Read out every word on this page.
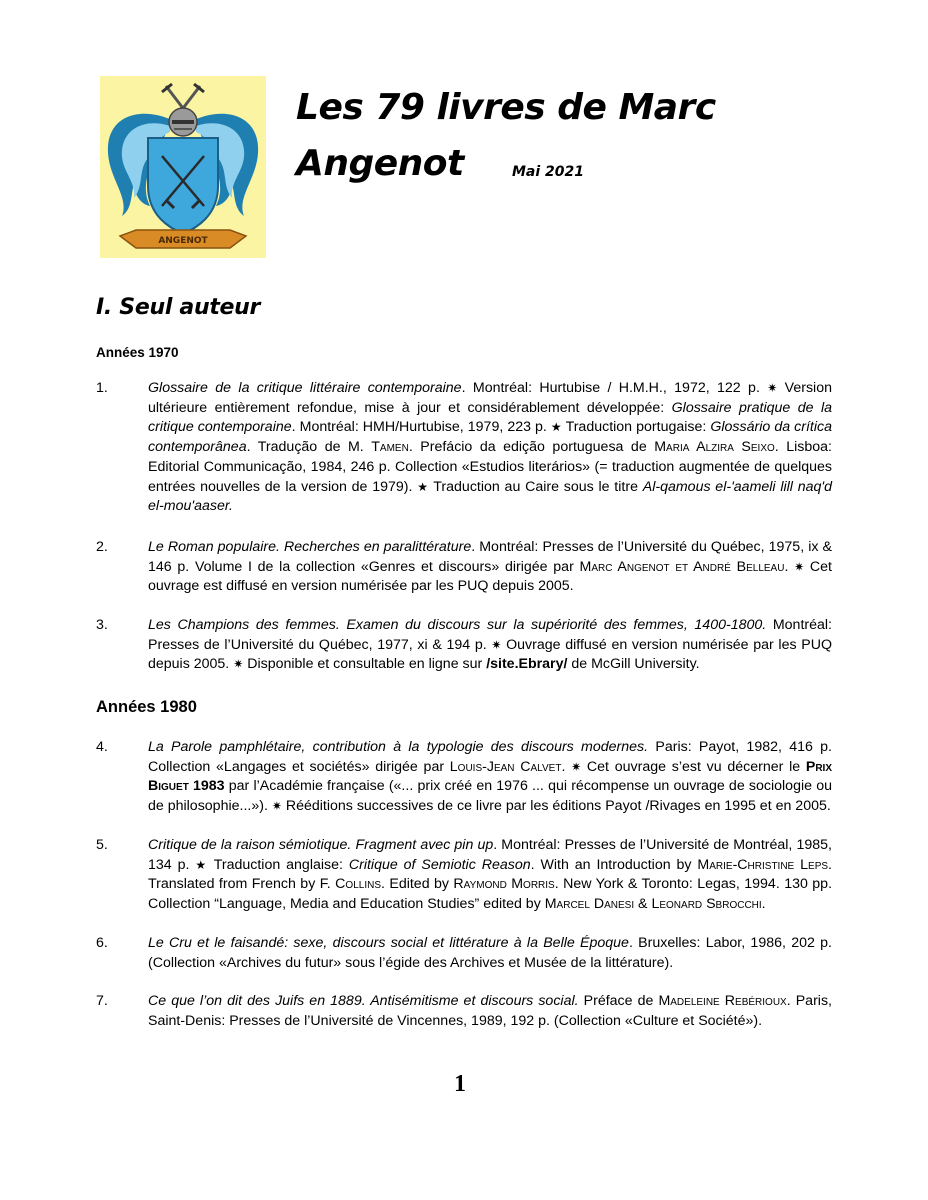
ANGENOT
Les 79 livres de Marc Angenot	Mai 2021

I. Seul auteur

Années 1970

1.	Glossaire de la critique littéraire contemporaine. Montréal: Hurtubise / H.M.H., 1972, 122 p. ✷ Version ultérieure entièrement refondue, mise à jour et considérablement développée: Glossaire pratique de la critique contemporaine. Montréal: HMH/Hurtubise, 1979, 223 p. ★ Traduction portugaise: Glossário da crítica contemporânea. Tradução de M. Tamen. Prefácio da edição portuguesa de Maria Alzira Seixo. Lisboa: Editorial Communicação, 1984, 246 p. Collection «Estudios literários» (= traduction augmentée de quelques entrées nouvelles de la version de 1979). ★ Traduction au Caire sous le titre Al-qamous el-'aameli lill naq'd el-mou'aaser.
2.	Le Roman populaire. Recherches en paralittérature. Montréal: Presses de l’Université du Québec, 1975, ix & 146 p. Volume I de la collection «Genres et discours» dirigée par Marc Angenot et André Belleau. ✷ Cet ouvrage est diffusé en version numérisée par les PUQ depuis 2005.
3.	Les Champions des femmes. Examen du discours sur la supériorité des femmes, 1400-1800. Montréal: Presses de l’Université du Québec, 1977, xi & 194 p. ✷ Ouvrage diffusé en version numérisée par les PUQ depuis 2005. ✷ Disponible et consultable en ligne sur /site.Ebrary/ de McGill University.

Années 1980

4.	La Parole pamphlétaire, contribution à la typologie des discours modernes. Paris: Payot, 1982, 416 p. Collection «Langages et sociétés» dirigée par Louis-Jean Calvet. ✷ Cet ouvrage s’est vu décerner le Prix Biguet 1983 par l’Académie française («... prix créé en 1976 ... qui récompense un ouvrage de sociologie ou de philosophie...»). ✷ Rééditions successives de ce livre par les éditions Payot /Rivages en 1995 et en 2005.
5.	Critique de la raison sémiotique. Fragment avec pin up. Montréal: Presses de l’Université de Montréal, 1985, 134 p. ★ Traduction anglaise: Critique of Semiotic Reason. With an Introduction by Marie-Christine Leps. Translated from French by F. Collins. Edited by Raymond Morris. New York & Toronto: Legas, 1994. 130 pp. Collection “Language, Media and Education Studies” edited by Marcel Danesi & Leonard Sbrocchi.
6.	Le Cru et le faisandé: sexe, discours social et littérature à la Belle Époque. Bruxelles: Labor, 1986, 202 p. (Collection «Archives du futur» sous l’égide des Archives et Musée de la littérature).
7.	Ce que l’on dit des Juifs en 1889. Antisémitisme et discours social. Préface de Madeleine Rebérioux. Paris, Saint-Denis: Presses de l’Université de Vincennes, 1989, 192 p. (Collection «Culture et Société»).

1
